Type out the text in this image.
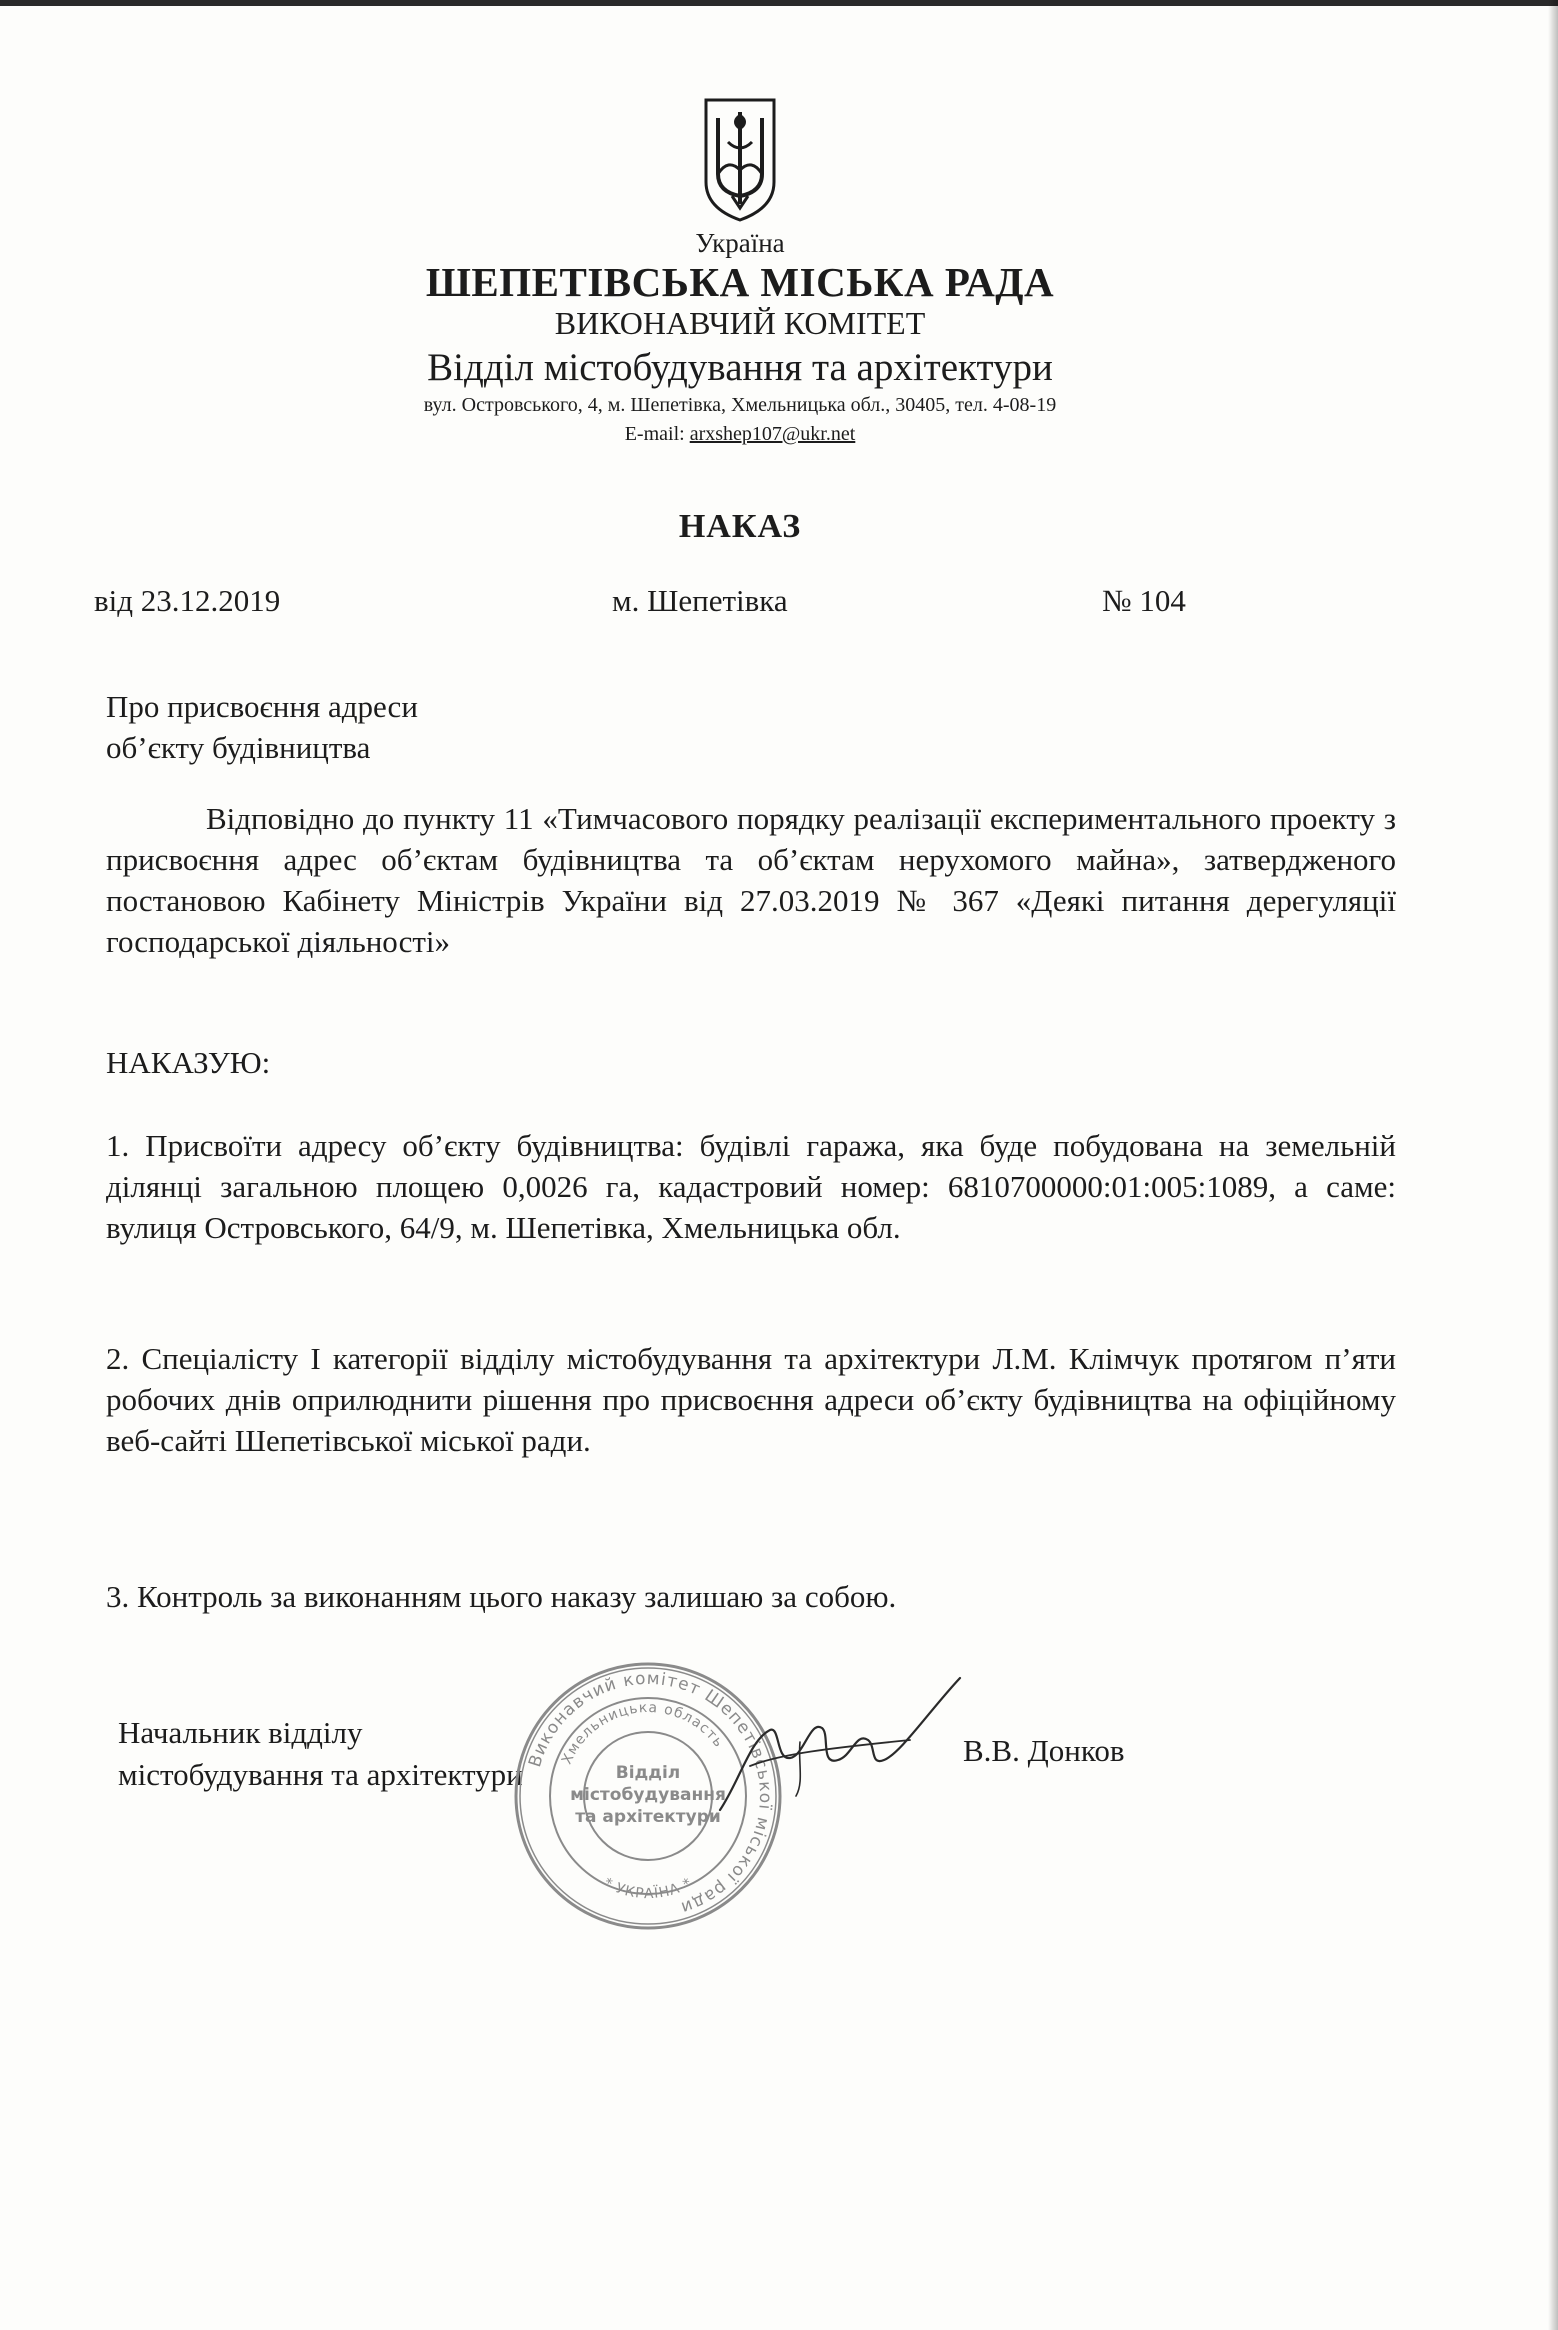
Україна
ШЕПЕТІВСЬКА МІСЬКА РАДА
ВИКОНАВЧИЙ КОМІТЕТ
Відділ містобудування та архітектури
вул. Островського, 4, м. Шепетівка, Хмельницька обл., 30405, тел. 4-08-19
E-mail: arxshep107@ukr.net
НАКАЗ
від 23.12.2019	м. Шепетівка	№ 104
Про присвоєння адреси
об’єкту будівництва
Відповідно до пункту 11 «Тимчасового порядку реалізації експериментального проекту з присвоєння адрес об’єктам будівництва та об’єктам нерухомого майна», затвердженого постановою Кабінету Міністрів України від 27.03.2019 № 367 «Деякі питання дерегуляції господарської діяльності»
НАКАЗУЮ:
1. Присвоїти адресу об’єкту будівництва: будівлі гаража, яка буде побудована на земельній ділянці загальною площею 0,0026 га, кадастровий номер: 6810700000:01:005:1089, а саме: вулиця Островського, 64/9, м. Шепетівка, Хмельницька обл.
2. Спеціалісту І категорії відділу містобудування та архітектури Л.М. Клімчук протягом п’яти робочих днів оприлюднити рішення про присвоєння адреси об’єкту будівництва на офіційному веб-сайті Шепетівської міської ради.
3. Контроль за виконанням цього наказу залишаю за собою.
Начальник відділу
містобудування та архітектури
В.В. Донков
Виконавчий комітет Шепетівської міської ради
Хмельницька область
* УКРАЇНА *
Відділ
містобудування
та архітектури
